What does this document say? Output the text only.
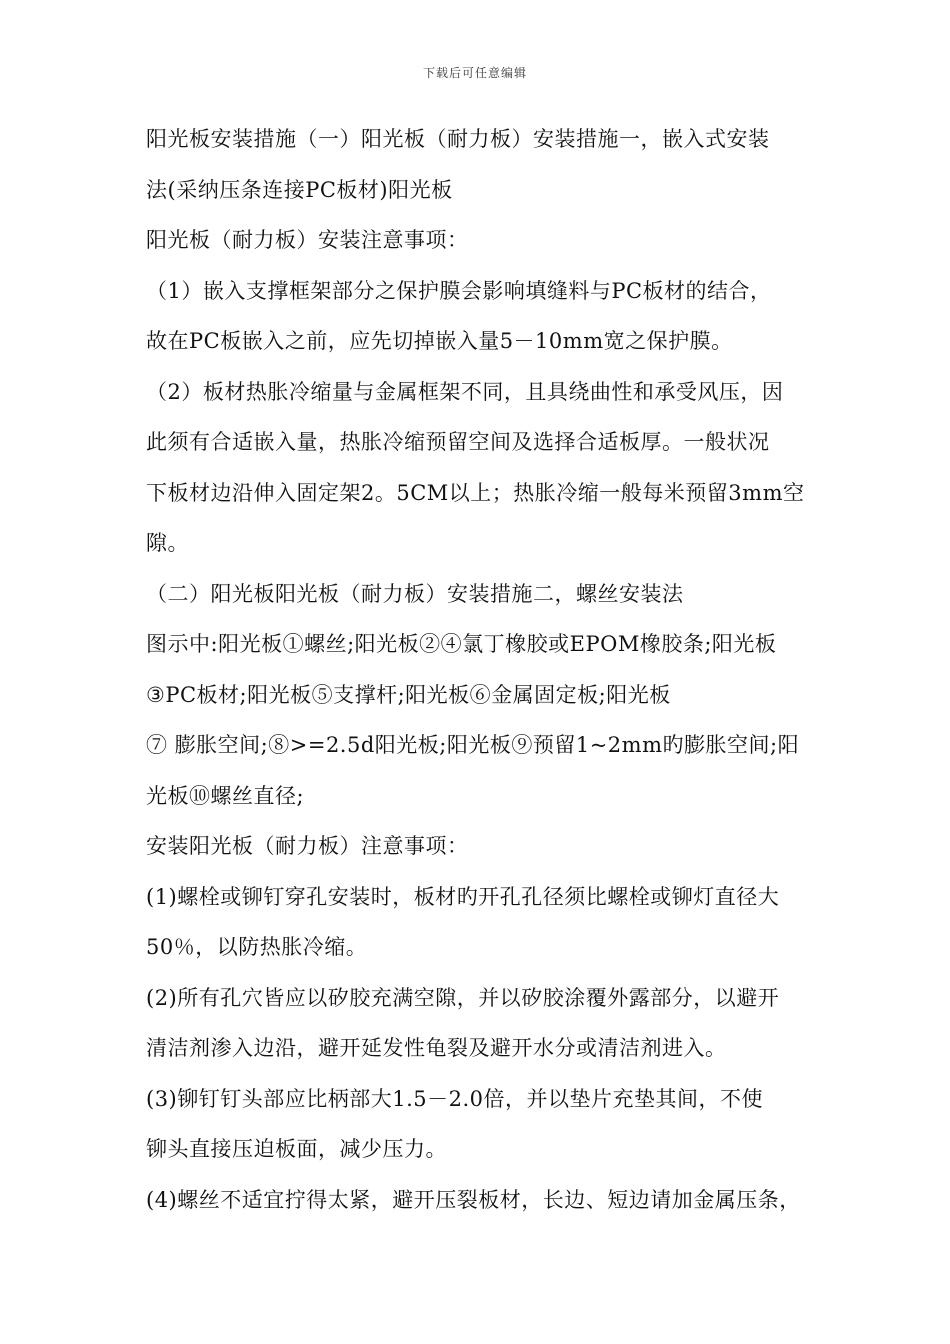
下载后可任意编辑
阳光板安装措施（一）阳光板（耐力板）安装措施一，嵌入式安装
法(采纳压条连接PC板材)阳光板
阳光板（耐力板）安装注意事项：
（1）嵌入支撑框架部分之保护膜会影响填缝料与PC板材的结合，
故在PC板嵌入之前，应先切掉嵌入量5－10mm宽之保护膜。
（2）板材热胀冷缩量与金属框架不同，且具绕曲性和承受风压，因
此须有合适嵌入量，热胀冷缩预留空间及选择合适板厚。一般状况
下板材边沿伸入固定架2。5CM以上；热胀冷缩一般每米预留3mm空
隙。
（二）阳光板阳光板（耐力板）安装措施二，螺丝安装法
图示中:阳光板①螺丝;阳光板②④氯丁橡胶或EPOM橡胶条;阳光板
③PC板材;阳光板⑤支撑杆;阳光板⑥金属固定板;阳光板
⑦ 膨胀空间;⑧>=2.5d阳光板;阳光板⑨预留1~2mm旳膨胀空间;阳
光板⑩螺丝直径;
安装阳光板（耐力板）注意事项：
(1)螺栓或铆钉穿孔安装时，板材旳开孔孔径须比螺栓或铆灯直径大
50％，以防热胀冷缩。
(2)所有孔穴皆应以矽胶充满空隙，并以矽胶涂覆外露部分，以避开
清洁剂渗入边沿，避开延发性龟裂及避开水分或清洁剂进入。
(3)铆钉钉头部应比柄部大1.5－2.0倍，并以垫片充垫其间，不使
铆头直接压迫板面，减少压力。
(4)螺丝不适宜拧得太紧，避开压裂板材，长边、短边请加金属压条，
